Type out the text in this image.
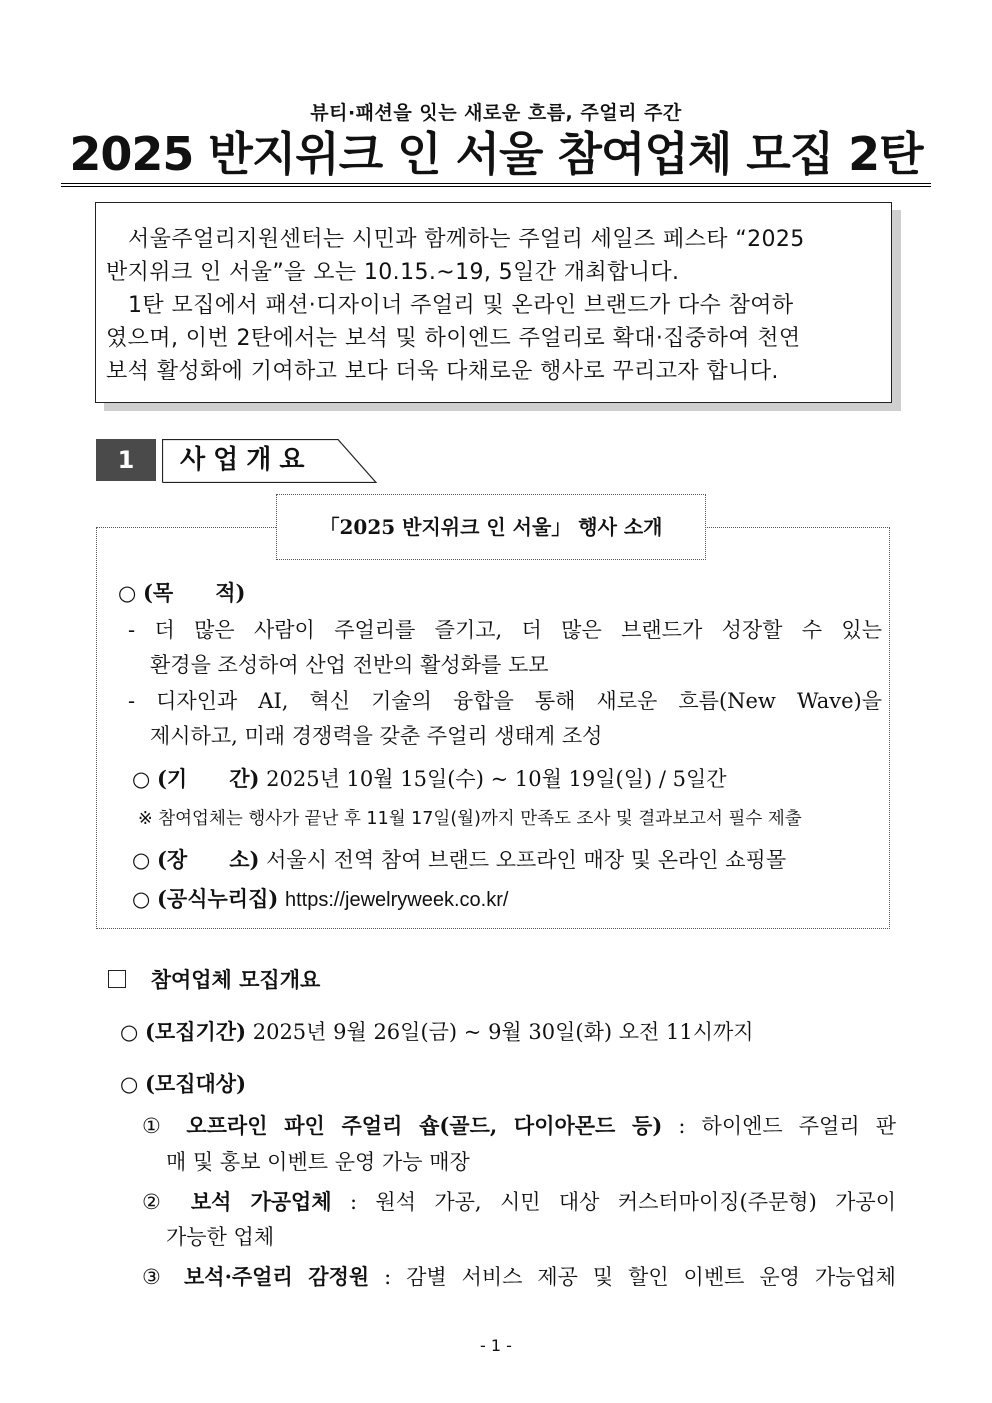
뷰티·패션을 잇는 새로운 흐름, 주얼리 주간
2025 반지위크 인 서울 참여업체 모집 2탄

서울주얼리지원센터는 시민과 함께하는 주얼리 세일즈 페스타 “2025

반지위크 인 서울”을 오는 10.15.~19, 5일간 개최합니다.

1탄 모집에서 패션·디자이너 주얼리 및 온라인 브랜드가 다수 참여하

였으며, 이번 2탄에서는 보석 및 하이엔드 주얼리로 확대·집중하여 천연

보석 활성화에 기여하고 보다 더욱 다채로운 행사로 꾸리고자 합니다.

1	사업개요
「2025 반지위크 인 서울」 행사 소개
○ (목　　적)
- 더 많은 사람이 주얼리를 즐기고, 더 많은 브랜드가 성장할 수 있는
환경을 조성하여 산업 전반의 활성화를 도모
- 디자인과 AI, 혁신 기술의 융합을 통해 새로운 흐름(New Wave)을
제시하고, 미래 경쟁력을 갖춘 주얼리 생태계 조성
○ (기　　간) 2025년 10월 15일(수) ~ 10월 19일(일) / 5일간
※ 참여업체는 행사가 끝난 후 11월 17일(월)까지 만족도 조사 및 결과보고서 필수 제출
○ (장　　소) 서울시 전역 참여 브랜드 오프라인 매장 및 온라인 쇼핑몰
○ (공식누리집) https://jewelryweek.co.kr/
참여업체 모집개요
○ (모집기간) 2025년 9월 26일(금) ~ 9월 30일(화) 오전 11시까지
○ (모집대상)
① 오프라인 파인 주얼리 숍(골드, 다이아몬드 등) : 하이엔드 주얼리 판
매 및 홍보 이벤트 운영 가능 매장
② 보석 가공업체 : 원석 가공, 시민 대상 커스터마이징(주문형) 가공이
가능한 업체
③ 보석·주얼리 감정원 : 감별 서비스 제공 및 할인 이벤트 운영 가능업체
- 1 -
